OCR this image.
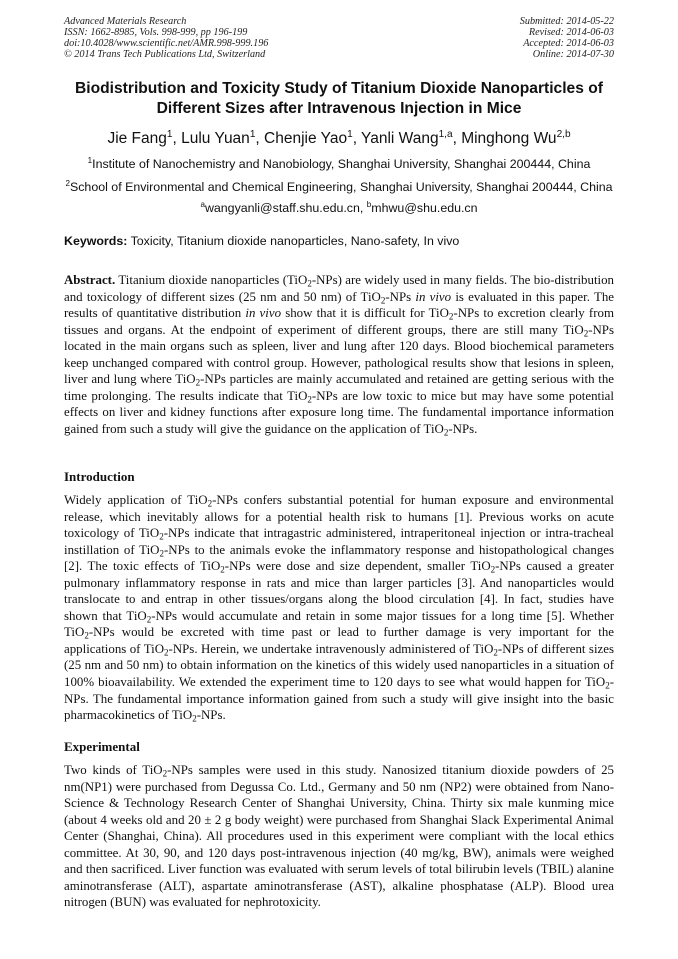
Advanced Materials Research
ISSN: 1662-8985, Vols. 998-999, pp 196-199
doi:10.4028/www.scientific.net/AMR.998-999.196
© 2014 Trans Tech Publications Ltd, Switzerland
Submitted: 2014-05-22
Revised: 2014-06-03
Accepted: 2014-06-03
Online: 2014-07-30
Biodistribution and Toxicity Study of Titanium Dioxide Nanoparticles of
Different Sizes after Intravenous Injection in Mice
Jie Fang$^1$, Lulu Yuan$^1$, Chenjie Yao$^1$, Yanli Wang$^{1,a}$, Minghong Wu$^{2,b}$
$^1$Institute of Nanochemistry and Nanobiology, Shanghai University, Shanghai 200444, China
$^2$School of Environmental and Chemical Engineering, Shanghai University, Shanghai 200444, China
$^a$wangyanli@staff.shu.edu.cn, $^b$mhwu@shu.edu.cn
Keywords: Toxicity, Titanium dioxide nanoparticles, Nano-safety, In vivo
Abstract. Titanium dioxide nanoparticles (TiO$_2$-NPs) are widely used in many fields. The bio-distribution and toxicology of different sizes (25 nm and 50 nm) of TiO$_2$-NPs in vivo is evaluated in this paper. The results of quantitative distribution in vivo show that it is difficult for TiO$_2$-NPs to excretion clearly from tissues and organs. At the endpoint of experiment of different groups, there are still many TiO$_2$-NPs located in the main organs such as spleen, liver and lung after 120 days. Blood biochemical parameters keep unchanged compared with control group. However, pathological results show that lesions in spleen, liver and lung where TiO$_2$-NPs particles are mainly accumulated and retained are getting serious with the time prolonging. The results indicate that TiO$_2$-NPs are low toxic to mice but may have some potential effects on liver and kidney functions after exposure long time. The fundamental importance information gained from such a study will give the guidance on the application of TiO$_2$-NPs.
Introduction
Widely application of TiO$_2$-NPs confers substantial potential for human exposure and environmental release, which inevitably allows for a potential health risk to humans [1]. Previous works on acute toxicology of TiO$_2$-NPs indicate that intragastric administered, intraperitoneal injection or intra-tracheal instillation of TiO$_2$-NPs to the animals evoke the inflammatory response and histopathological changes [2]. The toxic effects of TiO$_2$-NPs were dose and size dependent, smaller TiO$_2$-NPs caused a greater pulmonary inflammatory response in rats and mice than larger particles [3]. And nanoparticles would translocate to and entrap in other tissues/organs along the blood circulation [4]. In fact, studies have shown that TiO$_2$-NPs would accumulate and retain in some major tissues for a long time [5]. Whether TiO$_2$-NPs would be excreted with time past or lead to further damage is very important for the applications of TiO$_2$-NPs. Herein, we undertake intravenously administered of TiO$_2$-NPs of different sizes (25 nm and 50 nm) to obtain information on the kinetics of this widely used nanoparticles in a situation of 100% bioavailability. We extended the experiment time to 120 days to see what would happen for TiO$_2$-NPs. The fundamental importance information gained from such a study will give insight into the basic pharmacokinetics of TiO$_2$-NPs.
Experimental
Two kinds of TiO$_2$-NPs samples were used in this study. Nanosized titanium dioxide powders of 25 nm(NP1) were purchased from Degussa Co. Ltd., Germany and 50 nm (NP2) were obtained from Nano-Science & Technology Research Center of Shanghai University, China. Thirty six male kunming mice (about 4 weeks old and 20 ± 2 g body weight) were purchased from Shanghai Slack Experimental Animal Center (Shanghai, China). All procedures used in this experiment were compliant with the local ethics committee. At 30, 90, and 120 days post-intravenous injection (40 mg/kg, BW), animals were weighed and then sacrificed. Liver function was evaluated with serum levels of total bilirubin levels (TBIL) alanine aminotransferase (ALT), aspartate aminotransferase (AST), alkaline phosphatase (ALP). Blood urea nitrogen (BUN) was evaluated for nephrotoxicity.
